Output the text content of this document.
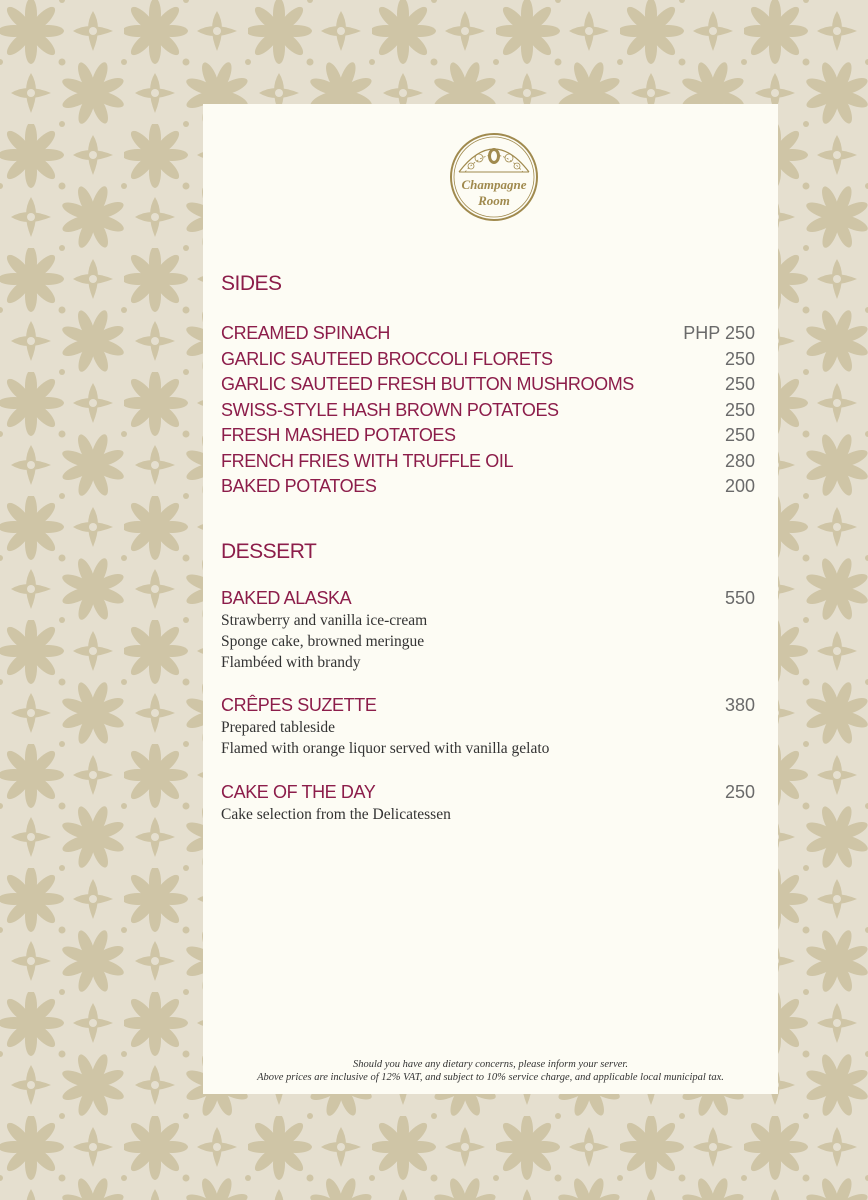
Champagne
Room
SIDES
CREAMED SPINACH	PHP 250
GARLIC SAUTEED BROCCOLI FLORETS	250
GARLIC SAUTEED FRESH BUTTON MUSHROOMS	250
SWISS-STYLE HASH BROWN POTATOES	250
FRESH MASHED POTATOES	250
FRENCH FRIES WITH TRUFFLE OIL	280
BAKED POTATOES	200
DESSERT
BAKED ALASKA	550
Strawberry and vanilla ice-cream
Sponge cake, browned meringue
Flambéed with brandy
CRÊPES SUZETTE	380
Prepared tableside
Flamed with orange liquor served with vanilla gelato
CAKE OF THE DAY	250
Cake selection from the Delicatessen
Should you have any dietary concerns, please inform your server.
Above prices are inclusive of 12% VAT, and subject to 10% service charge, and applicable local municipal tax.
